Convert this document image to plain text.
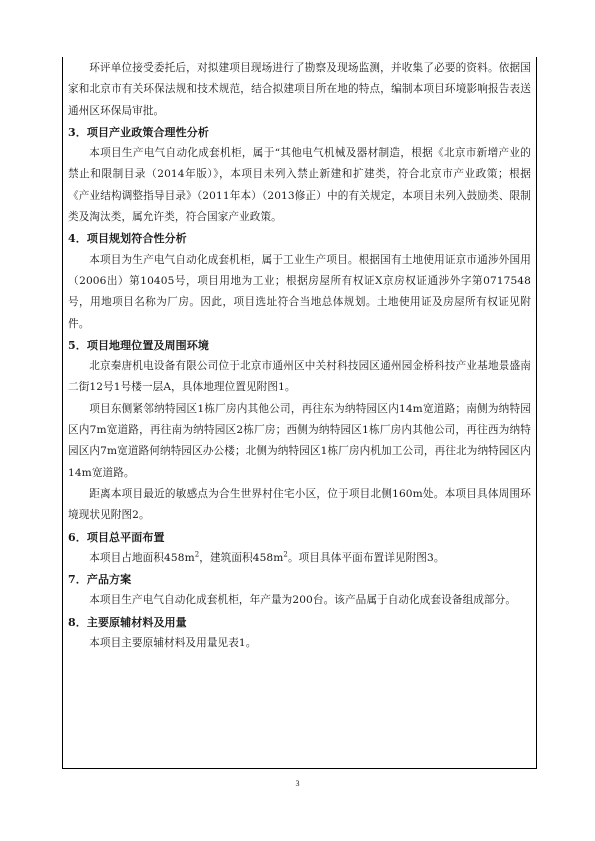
环评单位接受委托后，对拟建项目现场进行了勘察及现场监测，并收集了必要的资料。依据国家和北京市有关环保法规和技术规范，结合拟建项目所在地的特点，编制本项目环境影响报告表送通州区环保局审批。

3．项目产业政策合理性分析

本项目生产电气自动化成套机柜，属于“其他电气机械及器材制造，根据《北京市新增产业的禁止和限制目录（2014年版）》，本项目未列入禁止新建和扩建类，符合北京市产业政策；根据《产业结构调整指导目录》（2011年本）（2013修正）中的有关规定，本项目未列入鼓励类、限制类及淘汰类，属允许类，符合国家产业政策。

4．项目规划符合性分析

本项目为生产电气自动化成套机柜，属于工业生产项目。根据国有土地使用证京市通涉外国用（2006出）第10405号，项目用地为工业；根据房屋所有权证X京房权证通涉外字第0717548号，用地项目名称为厂房。因此，项目选址符合当地总体规划。土地使用证及房屋所有权证见附件。

5．项目地理位置及周围环境

北京秦唐机电设备有限公司位于北京市通州区中关村科技园区通州园金桥科技产业基地景盛南二街12号1号楼一层A，具体地理位置见附图1。

项目东侧紧邻纳特园区1栋厂房内其他公司，再往东为纳特园区内14m宽道路；南侧为纳特园区内7m宽道路，再往南为纳特园区2栋厂房；西侧为纳特园区1栋厂房内其他公司，再往西为纳特园区内7m宽道路何纳特园区办公楼；北侧为纳特园区1栋厂房内机加工公司，再往北为纳特园区内14m宽道路。

距离本项目最近的敏感点为合生世界村住宅小区，位于项目北侧160m处。本项目具体周围环境现状见附图2。

6．项目总平面布置

本项目占地面积$458m^2$，建筑面积$458m^2$。项目具体平面布置详见附图3。

7．产品方案

本项目生产电气自动化成套机柜，年产量为200台。该产品属于自动化成套设备组成部分。

8．主要原辅材料及用量

本项目主要原辅材料及用量见表1。

3
